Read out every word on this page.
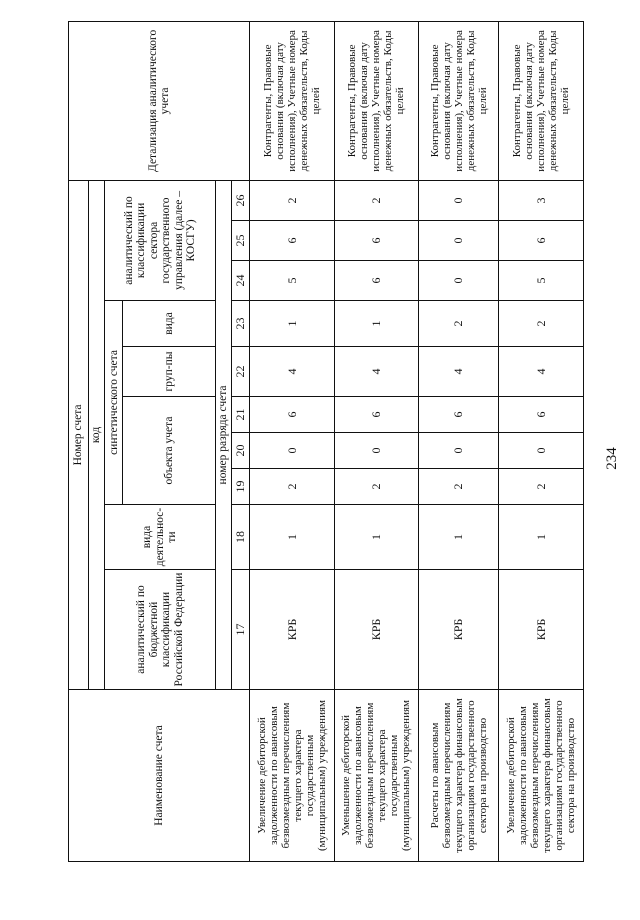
234
Наименование счета	Номер счета										Детализация аналитического учета
	код										
	аналитический по бюджетной классификации Российской Федерации	вида деятельнос-ти	синтетического счета					аналитический по классификации сектора государственного управления (далее – КОСГУ)			
			объекта учета			груп-пы	вида				

	номер разряда счета										
	17	18	19	20	21	22	23	24	25	26	
Увеличение дебиторской задолженности по авансовым безвозмездным перечислениям текущего характера государственным (муниципальным) учреждениям	КРБ	1	2	0	6	4	1	5	6	2	Контрагенты, Правовые основания (включая дату исполнения), Учетные номера денежных обязательств, Коды целей
Уменьшение дебиторской задолженности по авансовым безвозмездным перечислениям текущего характера государственным (муниципальным) учреждениям	КРБ	1	2	0	6	4	1	6	6	2	Контрагенты, Правовые основания (включая дату исполнения), Учетные номера денежных обязательств, Коды целей
Расчеты по авансовым безвозмездным перечислениям текущего характера финансовым организациям государственного сектора на производство	КРБ	1	2	0	6	4	2	0	0	0	Контрагенты, Правовые основания (включая дату исполнения), Учетные номера денежных обязательств, Коды целей
Увеличение дебиторской задолженности по авансовым безвозмездным перечислениям текущего характера финансовым организациям государственного сектора на производство	КРБ	1	2	0	6	4	2	5	6	3	Контрагенты, Правовые основания (включая дату исполнения), Учетные номера денежных обязательств, Коды целей
